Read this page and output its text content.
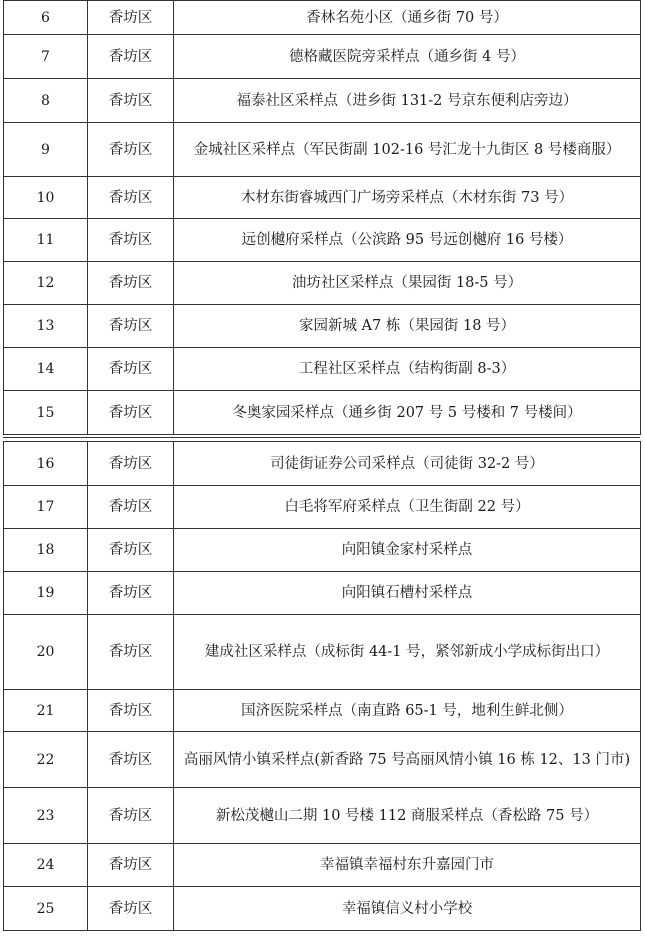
6	香坊区	香林名苑小区（通乡街 70 号）
7	香坊区	德格藏医院旁采样点（通乡街 4 号）
8	香坊区	福泰社区采样点（进乡街 131-2 号京东便利店旁边）
9	香坊区	金城社区采样点（军民街副 102-16 号汇龙十九街区 8 号楼商服）
10	香坊区	木材东街睿城西门广场旁采样点（木材东街 73 号）
11	香坊区	远创樾府采样点（公滨路 95 号远创樾府 16 号楼）
12	香坊区	油坊社区采样点（果园街 18-5 号）
13	香坊区	家园新城 A7 栋（果园街 18 号）
14	香坊区	工程社区采样点（结构街副 8-3）
15	香坊区	冬奥家园采样点（通乡街 207 号 5 号楼和 7 号楼间）
16	香坊区	司徒街证券公司采样点（司徒街 32-2 号）
17	香坊区	白毛将军府采样点（卫生街副 22 号）
18	香坊区	向阳镇金家村采样点
19	香坊区	向阳镇石槽村采样点
20	香坊区	建成社区采样点（成标街 44-1 号，紧邻新成小学成标街出口）
21	香坊区	国济医院采样点（南直路 65-1 号，地利生鲜北侧）
22	香坊区	高丽风情小镇采样点(新香路 75 号高丽风情小镇 16 栋 12、13 门市)
23	香坊区	新松茂樾山二期 10 号楼 112 商服采样点（香松路 75 号）
24	香坊区	幸福镇幸福村东升嘉园门市
25	香坊区	幸福镇信义村小学校
